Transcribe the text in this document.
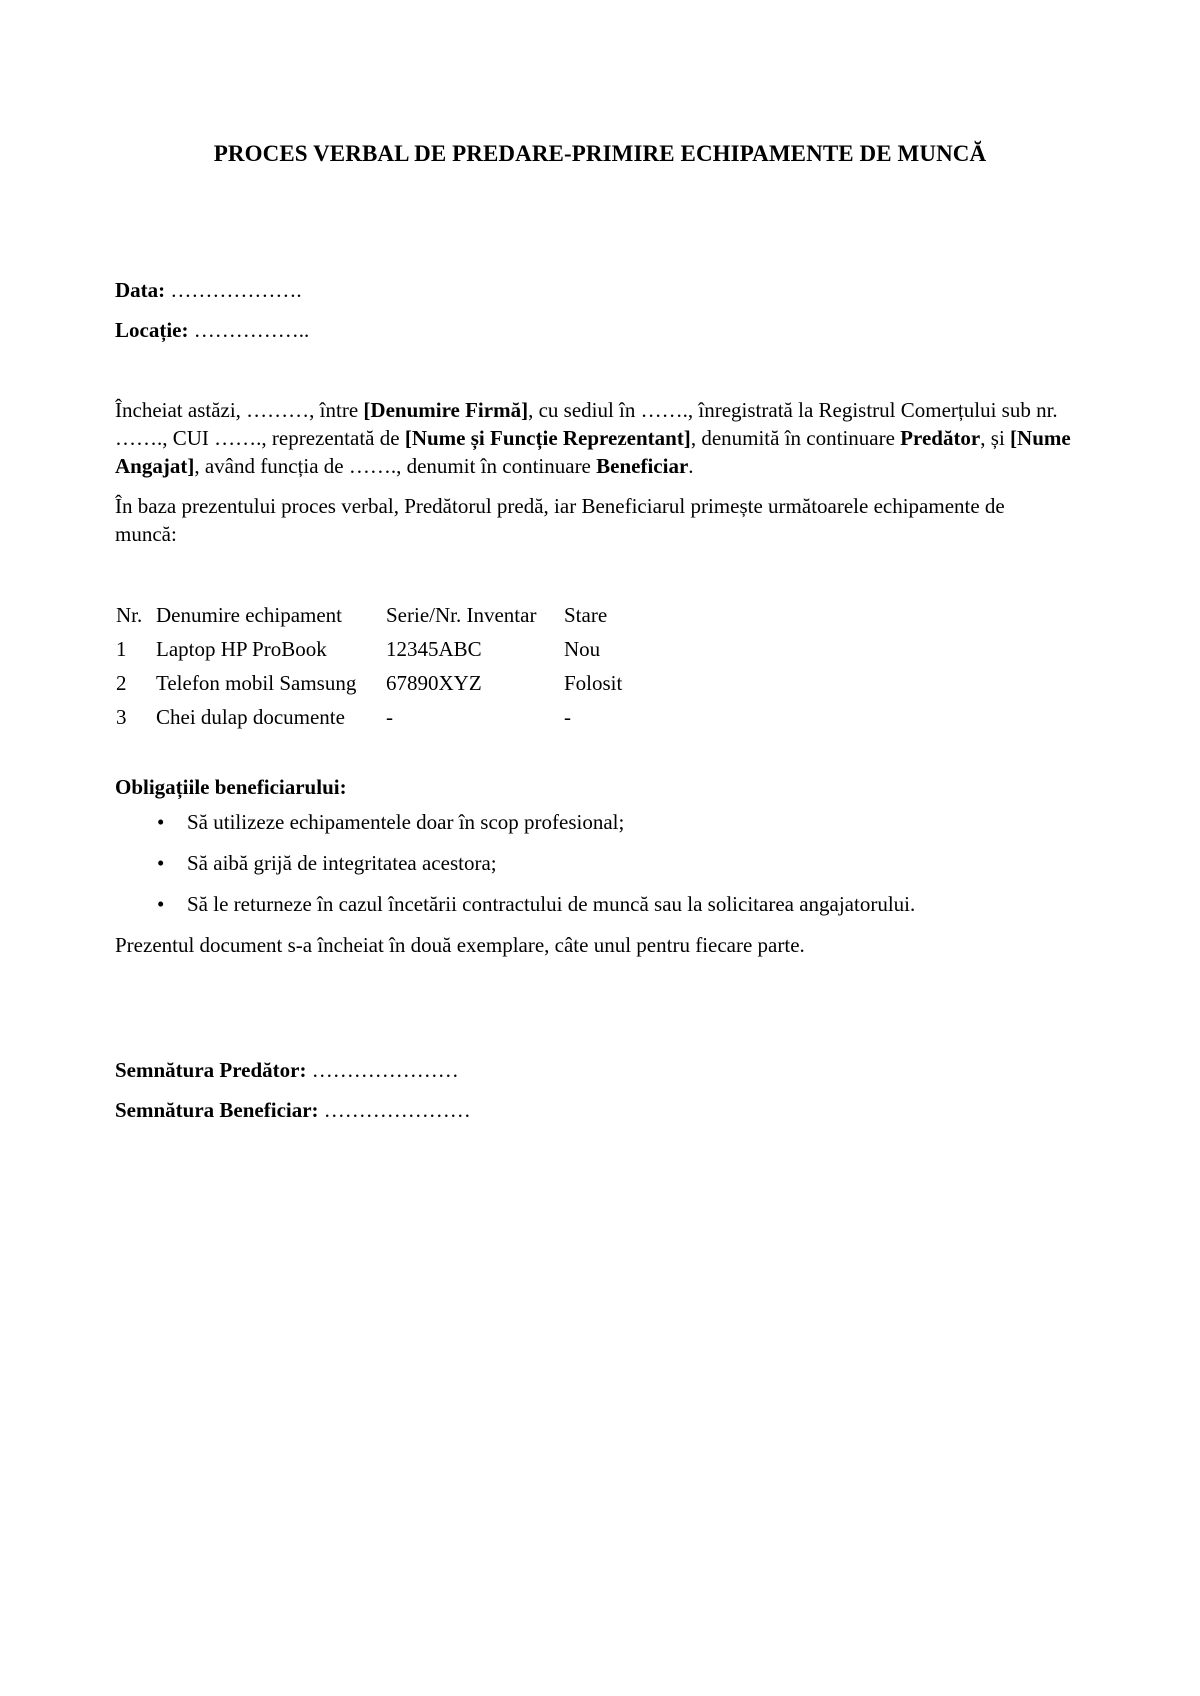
PROCES VERBAL DE PREDARE-PRIMIRE ECHIPAMENTE DE MUNCĂ
Data: ……………….
Locație: ……………..
Încheiat astăzi, ………, între [Denumire Firmă], cu sediul în ……., înregistrată la Registrul Comerțului sub nr. ……., CUI ……., reprezentată de [Nume și Funcție Reprezentant], denumită în continuare Predător, și [Nume Angajat], având funcția de ……., denumit în continuare Beneficiar.
În baza prezentului proces verbal, Predătorul predă, iar Beneficiarul primește următoarele echipamente de muncă:
Nr.	Denumire echipament	Serie/Nr. Inventar	Stare
1	Laptop HP ProBook	12345ABC	Nou
2	Telefon mobil Samsung	67890XYZ	Folosit
3	Chei dulap documente	-	-
Obligațiile beneficiarului:
• Să utilizeze echipamentele doar în scop profesional;
• Să aibă grijă de integritatea acestora;
• Să le returneze în cazul încetării contractului de muncă sau la solicitarea angajatorului.
Prezentul document s-a încheiat în două exemplare, câte unul pentru fiecare parte.
Semnătura Predător: …………………
Semnătura Beneficiar: …………………
